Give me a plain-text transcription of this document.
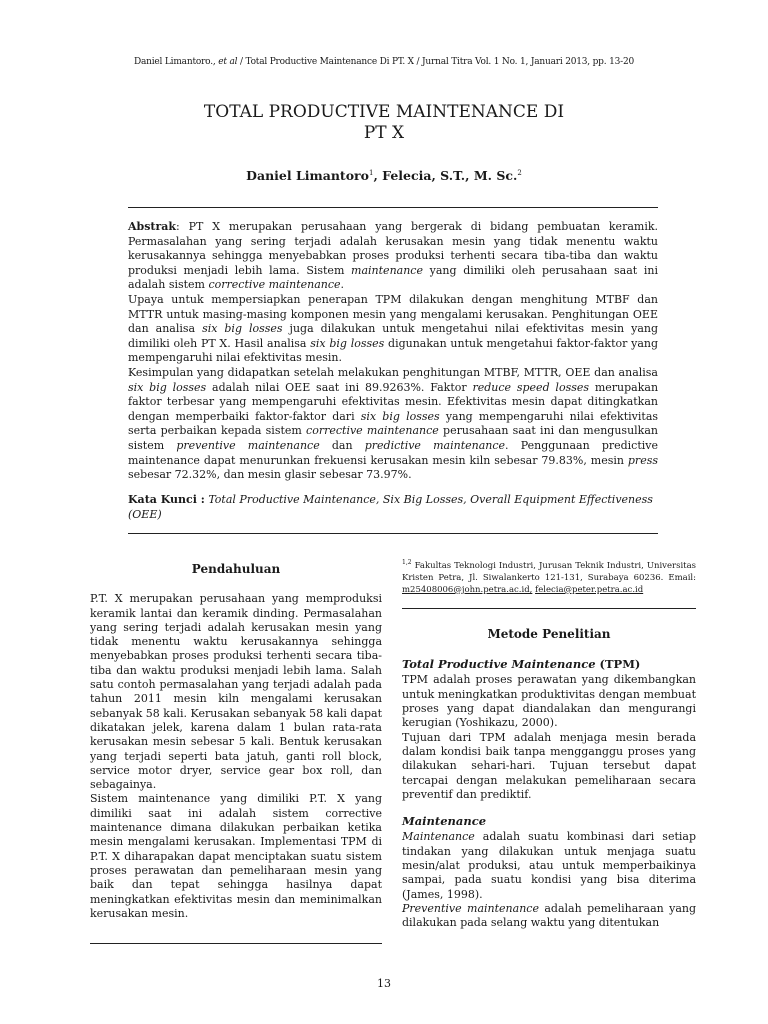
Daniel Limantoro., et al / Total Productive Maintenance Di PT. X / Jurnal Titra Vol. 1 No. 1, Januari 2013, pp. 13-20
TOTAL PRODUCTIVE MAINTENANCE DI
PT X
Daniel Limantoro$^1$, Felecia, S.T., M. Sc.$^2$

Abstrak: PT X merupakan perusahaan yang bergerak di bidang pembuatan keramik. Permasalahan yang sering terjadi adalah kerusakan mesin yang tidak menentu waktu kerusakannya sehingga menyebabkan proses produksi terhenti secara tiba-tiba dan waktu produksi menjadi lebih lama. Sistem maintenance yang dimiliki oleh perusahaan saat ini adalah sistem corrective maintenance.

Upaya untuk mempersiapkan penerapan TPM dilakukan dengan menghitung MTBF dan MTTR untuk masing-masing komponen mesin yang mengalami kerusakan. Penghitungan OEE dan analisa six big losses juga dilakukan untuk mengetahui nilai efektivitas mesin yang dimiliki oleh PT X. Hasil analisa six big losses digunakan untuk mengetahui faktor-faktor yang mempengaruhi nilai efektivitas mesin.

Kesimpulan yang didapatkan setelah melakukan penghitungan MTBF, MTTR, OEE dan analisa six big losses adalah nilai OEE saat ini 89.9263%. Faktor reduce speed losses merupakan faktor terbesar yang mempengaruhi efektivitas mesin. Efektivitas mesin dapat ditingkatkan dengan memperbaiki faktor-faktor dari six big losses yang mempengaruhi nilai efektivitas serta perbaikan kepada sistem corrective maintenance perusahaan saat ini dan mengusulkan sistem preventive maintenance dan predictive maintenance. Penggunaan predictive maintenance dapat menurunkan frekuensi kerusakan mesin kiln sebesar 79.83%, mesin press sebesar 72.32%, dan mesin glasir sebesar 73.97%.

Kata Kunci : Total Productive Maintenance, Six Big Losses, Overall Equipment Effectiveness (OEE)
Pendahuluan

P.T. X merupakan perusahaan yang memproduksi keramik lantai dan keramik dinding. Permasalahan yang sering terjadi adalah kerusakan mesin yang tidak menentu waktu kerusakannya sehingga menyebabkan proses produksi terhenti secara tiba-tiba dan waktu produksi menjadi lebih lama. Salah satu contoh permasalahan yang terjadi adalah pada tahun 2011 mesin kiln mengalami kerusakan sebanyak 58 kali. Kerusakan sebanyak 58 kali dapat dikatakan jelek, karena dalam 1 bulan rata-rata kerusakan mesin sebesar 5 kali. Bentuk kerusakan yang terjadi seperti bata jatuh, ganti roll block, service motor dryer, service gear box roll, dan sebagainya.

Sistem maintenance yang dimiliki P.T. X yang dimiliki saat ini adalah sistem corrective maintenance dimana dilakukan perbaikan ketika mesin mengalami kerusakan. Implementasi TPM di P.T. X diharapakan dapat menciptakan suatu sistem proses perawatan dan pemeliharaan mesin yang baik dan tepat sehingga hasilnya dapat meningkatkan efektivitas mesin dan meminimalkan kerusakan mesin.

$^{1,2}$ Fakultas Teknologi Industri, Jurusan Teknik Industri, Universitas Kristen Petra, Jl. Siwalankerto 121-131, Surabaya 60236. Email: m25408006@john.petra.ac.id, felecia@peter.petra.ac.id

Metode Penelitian
Total Productive Maintenance (TPM)

TPM adalah proses perawatan yang dikembangkan untuk meningkatkan produktivitas dengan membuat proses yang dapat diandalakan dan mengurangi kerugian (Yoshikazu, 2000).

Tujuan dari TPM adalah menjaga mesin berada dalam kondisi baik tanpa mengganggu proses yang dilakukan sehari-hari. Tujuan tersebut dapat tercapai dengan melakukan pemeliharaan secara preventif dan prediktif.

Maintenance

Maintenance adalah suatu kombinasi dari setiap tindakan yang dilakukan untuk menjaga suatu mesin/alat produksi, atau untuk memperbaikinya sampai, pada suatu kondisi yang bisa diterima (James, 1998).

Preventive maintenance adalah pemeliharaan yang dilakukan pada selang waktu yang ditentukan

13
